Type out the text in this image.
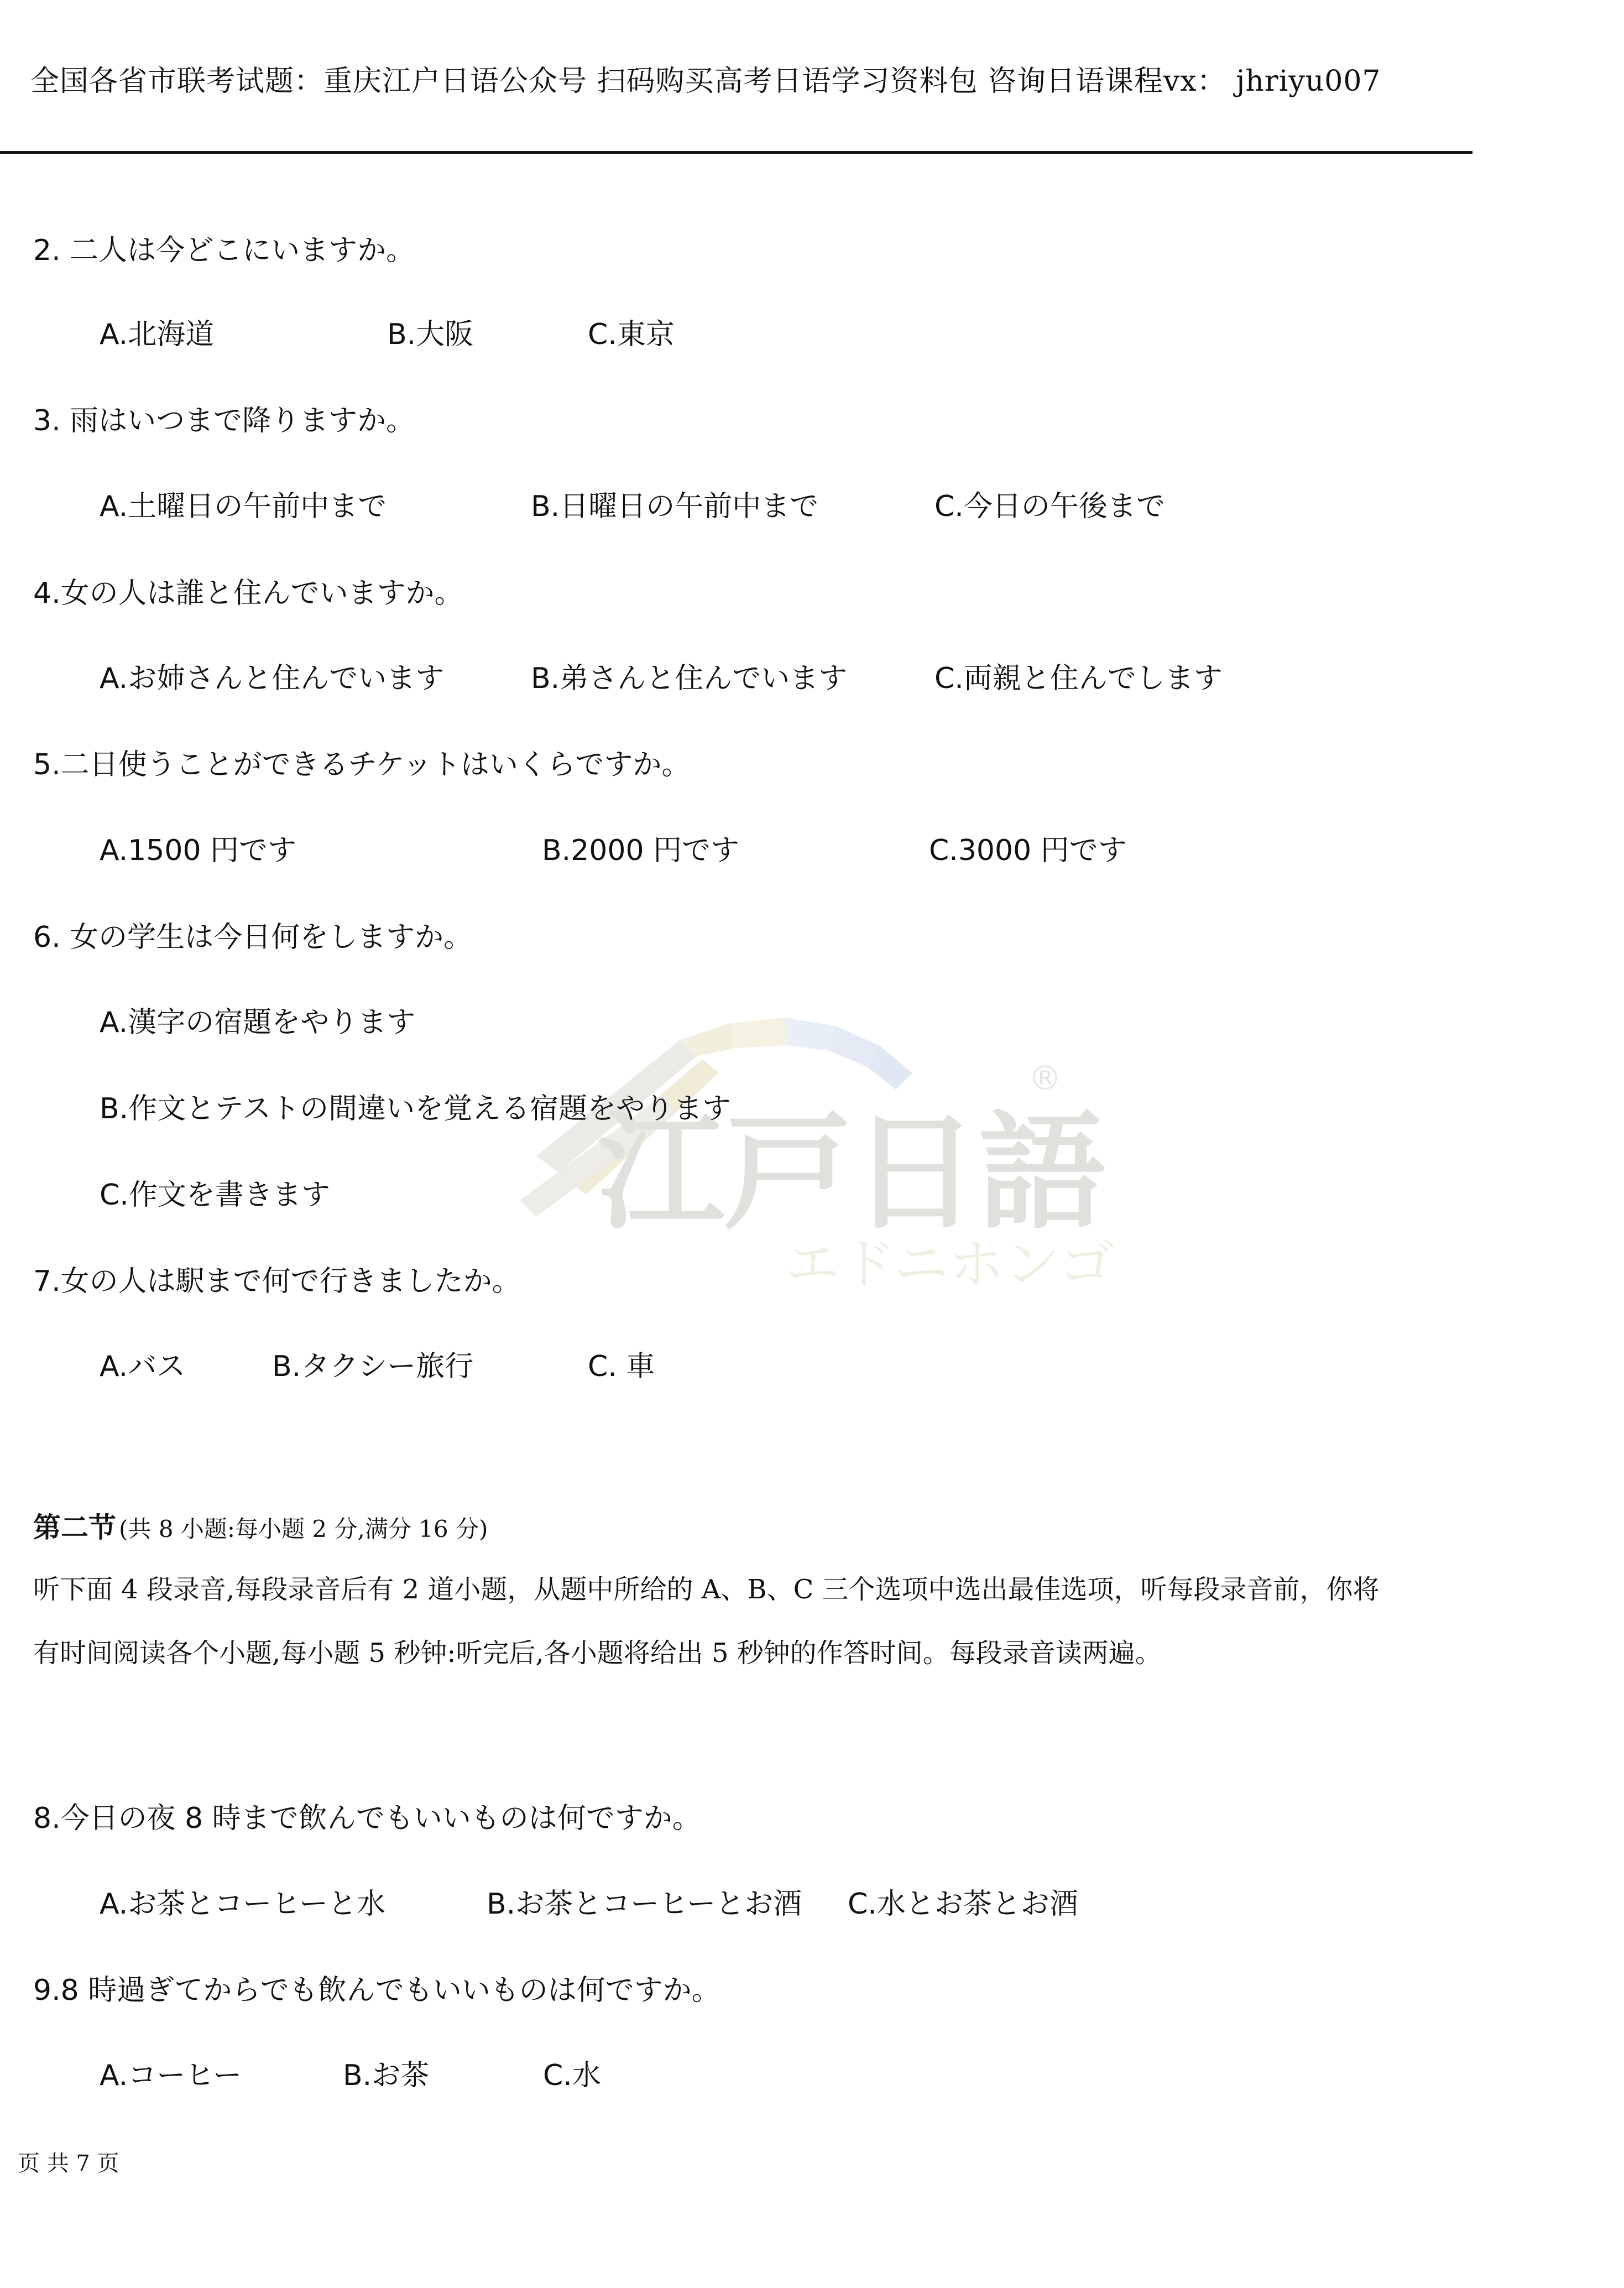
全国各省市联考试题：重庆江户日语公众号 扫码购买高考日语学习资料包 咨询日语课程vx： jhriyu007
江戸日語
®
エドニホンゴ
2. 二人は今どこにいますか。
A.北海道	B.大阪	C.東京
3. 雨はいつまで降りますか。
A.土曜日の午前中まで	B.日曜日の午前中まで	C.今日の午後まで
4.女の人は誰と住んでいますか。
A.お姉さんと住んでいます	B.弟さんと住んでいます	C.両親と住んでします
5.二日使うことができるチケットはいくらですか。
A.1500 円です	B.2000 円です	C.3000 円です
6. 女の学生は今日何をしますか。
A.漢字の宿題をやります
B.作文とテストの間違いを覚える宿題をやります
C.作文を書きます
7.女の人は駅まで何で行きましたか。
A.バス	B.タクシー旅行	C. 車
第二节 (共 8 小题:每小题 2 分,满分 16 分)
听下面 4 段录音,每段录音后有 2 道小题，从题中所给的 A、B、C 三个选项中选出最佳选项，听每段录音前，你将
有时间阅读各个小题,每小题 5 秒钟:听完后,各小题将给出 5 秒钟的作答时间。每段录音读两遍。
8.今日の夜 8 時まで飲んでもいいものは何ですか。
A.お茶とコーヒーと水	B.お茶とコーヒーとお酒 C.水とお茶とお酒
9.8 時過ぎてからでも飲んでもいいものは何ですか。
A.コーヒー	B.お茶	C.水
页 共 7 页
